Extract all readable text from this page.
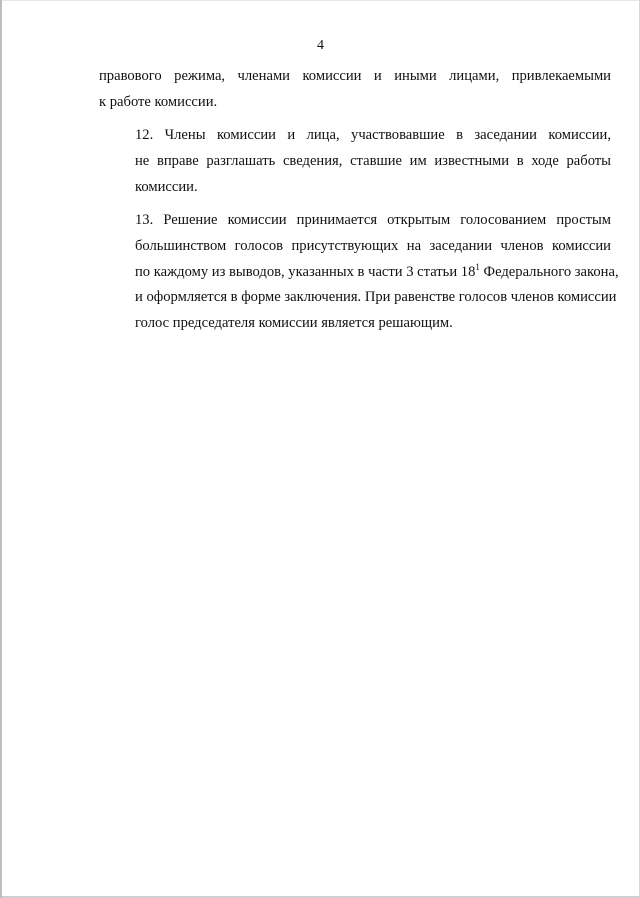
4

правового режима, членами комиссии и иными лицами, привлекаемыми
к работе комиссии.

12. Члены комиссии и лица, участвовавшие в заседании комиссии,
не вправе разглашать сведения, ставшие им известными в ходе работы
комиссии.

13. Решение комиссии принимается открытым голосованием простым
большинством голосов присутствующих на заседании членов комиссии
по каждому из выводов, указанных в части 3 статьи $18^1$ Федерального закона,
и оформляется в форме заключения. При равенстве голосов членов комиссии
голос председателя комиссии является решающим.
